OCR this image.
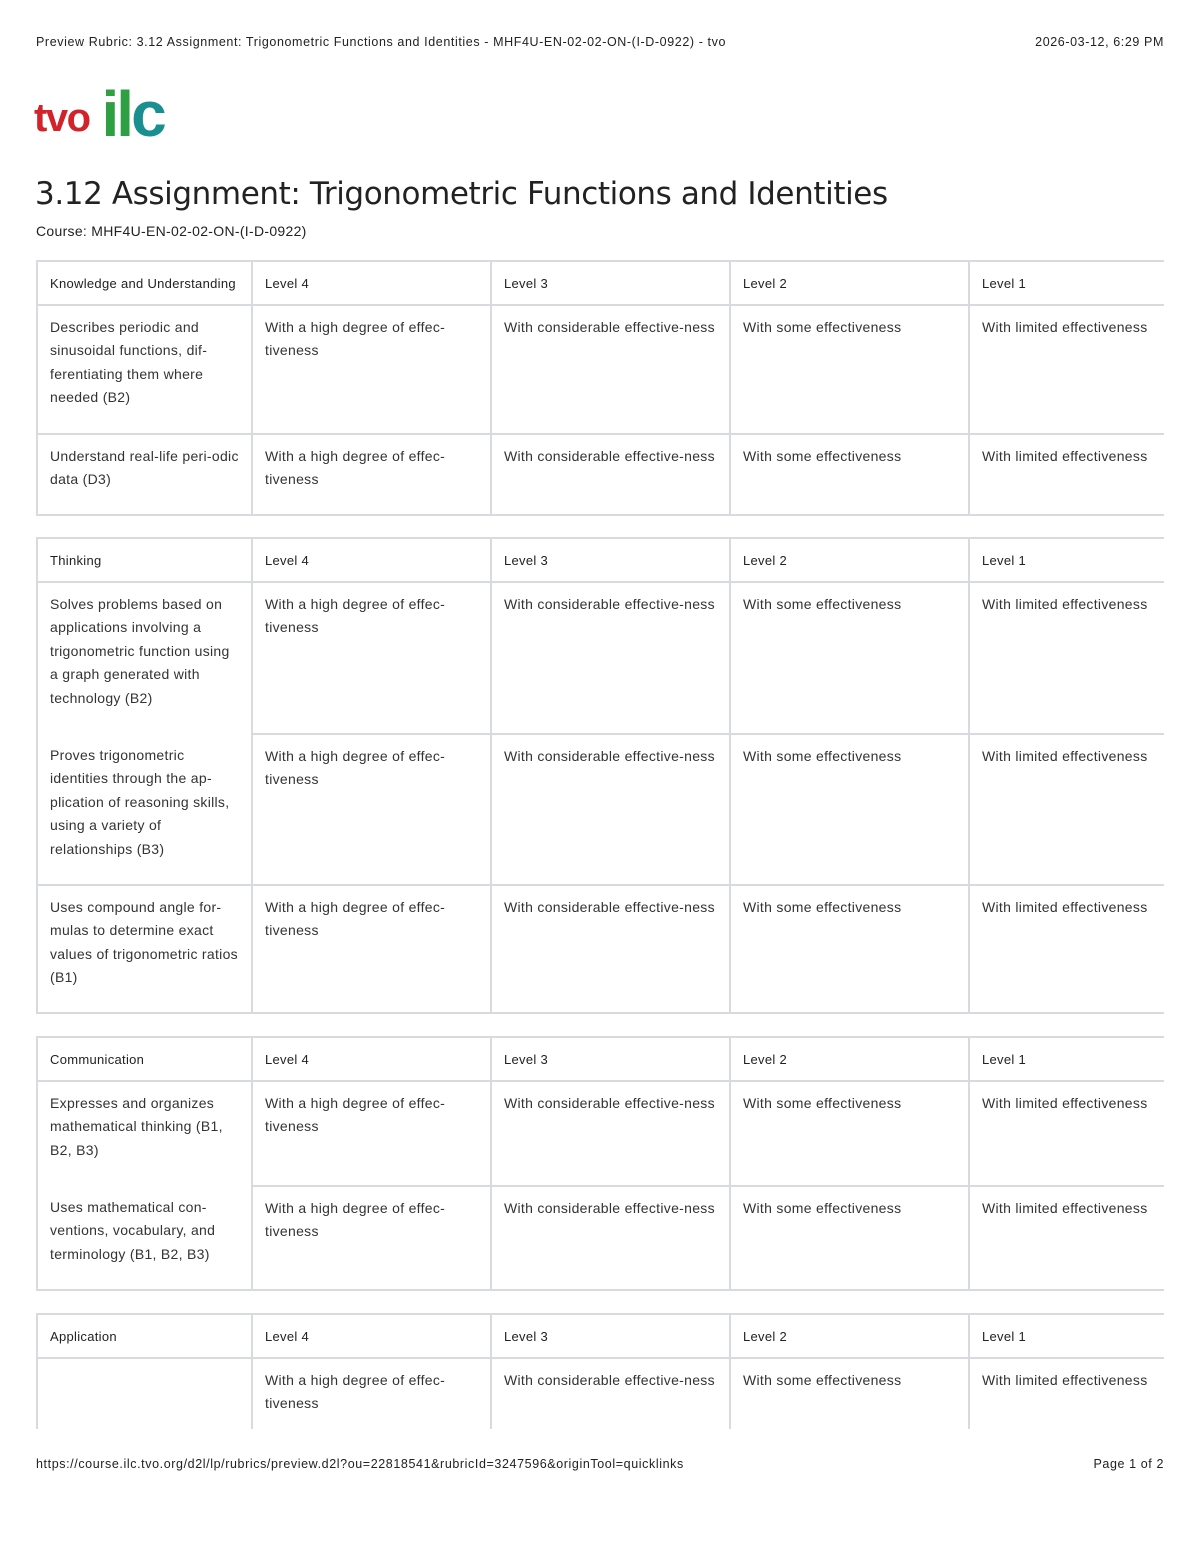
Preview Rubric: 3.12 Assignment: Trigonometric Functions and Identities - MHF4U-EN-02-02-ON-(I-D-0922) - tvo	2026-03-12, 6:29 PM
tvo ilc
3.12 Assignment: Trigonometric Functions and Identities
Course: MHF4U-EN-02-02-ON-(I-D-0922)
Knowledge and Understanding	Level 4	Level 3	Level 2	Level 1
Describes periodic and sinusoidal functions, dif-ferentiating them where needed (B2)	With a high degree of effec-tiveness	With considerable effective-ness	With some effectiveness	With limited effectiveness
Understand real-life peri-odic data (D3)	With a high degree of effec-tiveness	With considerable effective-ness	With some effectiveness	With limited effectiveness
Thinking	Level 4	Level 3	Level 2	Level 1
Solves problems based on applications involving a trigonometric function using a graph generated with technology (B2)	With a high degree of effec-tiveness	With considerable effective-ness	With some effectiveness	With limited effectiveness
Proves trigonometric identities through the ap-plication of reasoning skills, using a variety of relationships (B3)	With a high degree of effec-tiveness	With considerable effective-ness	With some effectiveness	With limited effectiveness
Uses compound angle for-mulas to determine exact values of trigonometric ratios (B1)	With a high degree of effec-tiveness	With considerable effective-ness	With some effectiveness	With limited effectiveness
Communication	Level 4	Level 3	Level 2	Level 1
Expresses and organizes mathematical thinking (B1, B2, B3)	With a high degree of effec-tiveness	With considerable effective-ness	With some effectiveness	With limited effectiveness
Uses mathematical con-ventions, vocabulary, and terminology (B1, B2, B3)	With a high degree of effec-tiveness	With considerable effective-ness	With some effectiveness	With limited effectiveness
Application	Level 4	Level 3	Level 2	Level 1
	With a high degree of effec-tiveness	With considerable effective-ness	With some effectiveness	With limited effectiveness
https://course.ilc.tvo.org/d2l/lp/rubrics/preview.d2l?ou=22818541&rubricId=3247596&originTool=quicklinks	Page 1 of 2
